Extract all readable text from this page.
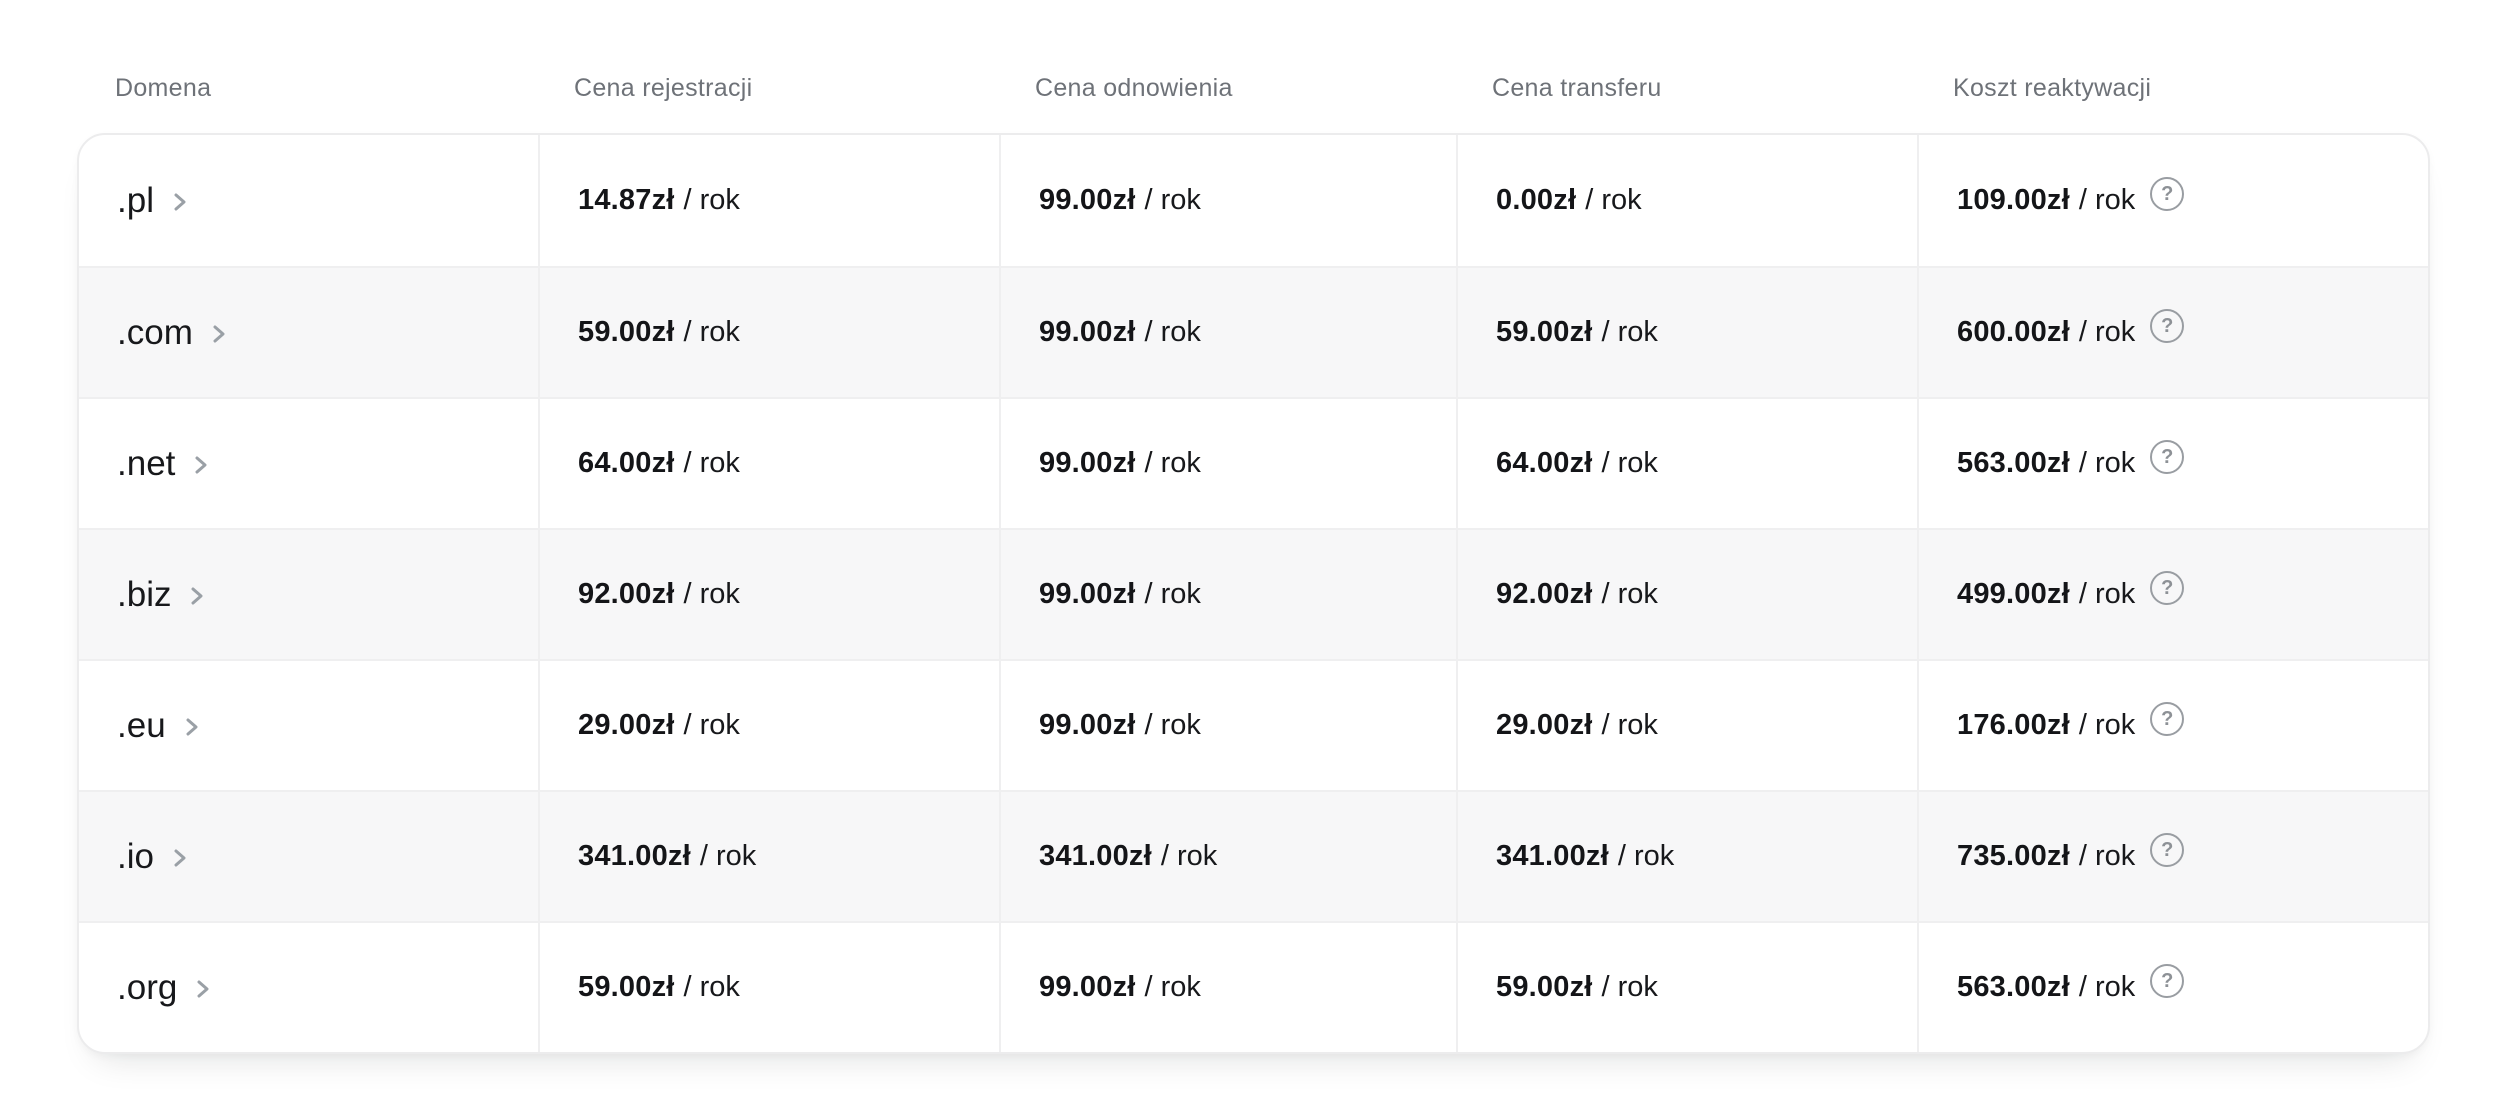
Domena	Cena rejestracji	Cena odnowienia	Cena transferu	Koszt reaktywacji
.pl	14.87zł / rok	99.00zł / rok	0.00zł / rok	109.00zł / rok	?
.com	59.00zł / rok	99.00zł / rok	59.00zł / rok	600.00zł / rok	?
.net	64.00zł / rok	99.00zł / rok	64.00zł / rok	563.00zł / rok	?
.biz	92.00zł / rok	99.00zł / rok	92.00zł / rok	499.00zł / rok	?
.eu	29.00zł / rok	99.00zł / rok	29.00zł / rok	176.00zł / rok	?
.io	341.00zł / rok	341.00zł / rok	341.00zł / rok	735.00zł / rok	?
.org	59.00zł / rok	99.00zł / rok	59.00zł / rok	563.00zł / rok	?
